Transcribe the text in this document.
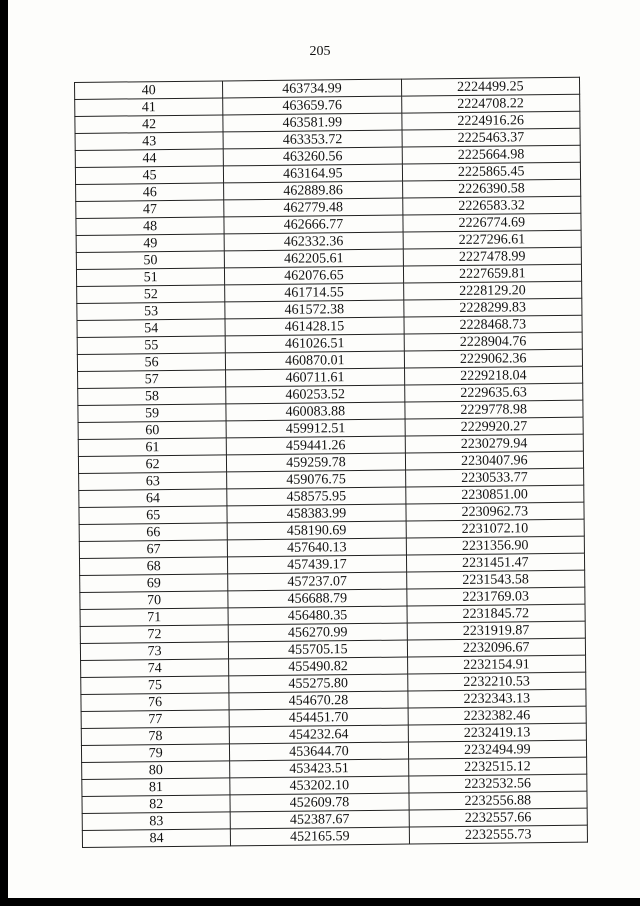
205
40	463734.99	2224499.25
41	463659.76	2224708.22
42	463581.99	2224916.26
43	463353.72	2225463.37
44	463260.56	2225664.98
45	463164.95	2225865.45
46	462889.86	2226390.58
47	462779.48	2226583.32
48	462666.77	2226774.69
49	462332.36	2227296.61
50	462205.61	2227478.99
51	462076.65	2227659.81
52	461714.55	2228129.20
53	461572.38	2228299.83
54	461428.15	2228468.73
55	461026.51	2228904.76
56	460870.01	2229062.36
57	460711.61	2229218.04
58	460253.52	2229635.63
59	460083.88	2229778.98
60	459912.51	2229920.27
61	459441.26	2230279.94
62	459259.78	2230407.96
63	459076.75	2230533.77
64	458575.95	2230851.00
65	458383.99	2230962.73
66	458190.69	2231072.10
67	457640.13	2231356.90
68	457439.17	2231451.47
69	457237.07	2231543.58
70	456688.79	2231769.03
71	456480.35	2231845.72
72	456270.99	2231919.87
73	455705.15	2232096.67
74	455490.82	2232154.91
75	455275.80	2232210.53
76	454670.28	2232343.13
77	454451.70	2232382.46
78	454232.64	2232419.13
79	453644.70	2232494.99
80	453423.51	2232515.12
81	453202.10	2232532.56
82	452609.78	2232556.88
83	452387.67	2232557.66
84	452165.59	2232555.73
